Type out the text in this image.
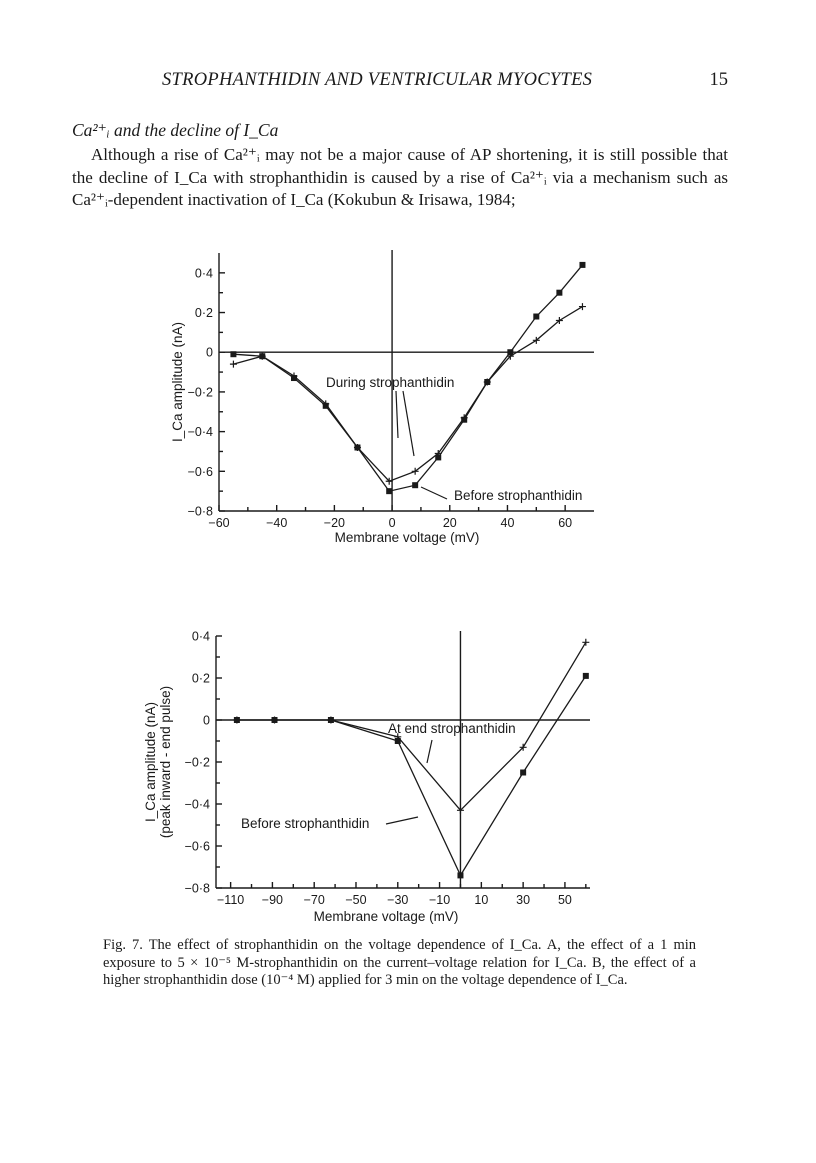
STROPHANTHIDIN AND VENTRICULAR MYOCYTES	15
Ca²⁺ᵢ and the decline of I_Ca

Although a rise of Ca²⁺ᵢ may not be a major cause of AP shortening, it is still possible that the decline of I_Ca with strophanthidin is caused by a rise of Ca²⁺ᵢ via a mechanism such as Ca²⁺ᵢ-dependent inactivation of I_Ca (Kokubun & Irisawa, 1984;

0·4
0·2
0
−0·2
−0·4
−0·6
−0·8
−60	−40	−20	0	20	40	60
Membrane voltage (mV)
I_Ca amplitude (nA)	During strophanthidin
Before strophanthidin
0·4
0·2
0
−0·2
−0·4
−0·6
−0·8
−110 −90 −70 −50 −30 −10 10 30 50
Membrane voltage (mV)
I_Ca amplitude (nA)(peak inward - end pulse)	At end strophanthidin
Before strophanthidin
Fig. 7. The effect of strophanthidin on the voltage dependence of I_Ca. A, the effect of a 1 min exposure to 5 × 10⁻⁵ M-strophanthidin on the current–voltage relation for I_Ca. B, the effect of a higher strophanthidin dose (10⁻⁴ M) applied for 3 min on the voltage dependence of I_Ca.
